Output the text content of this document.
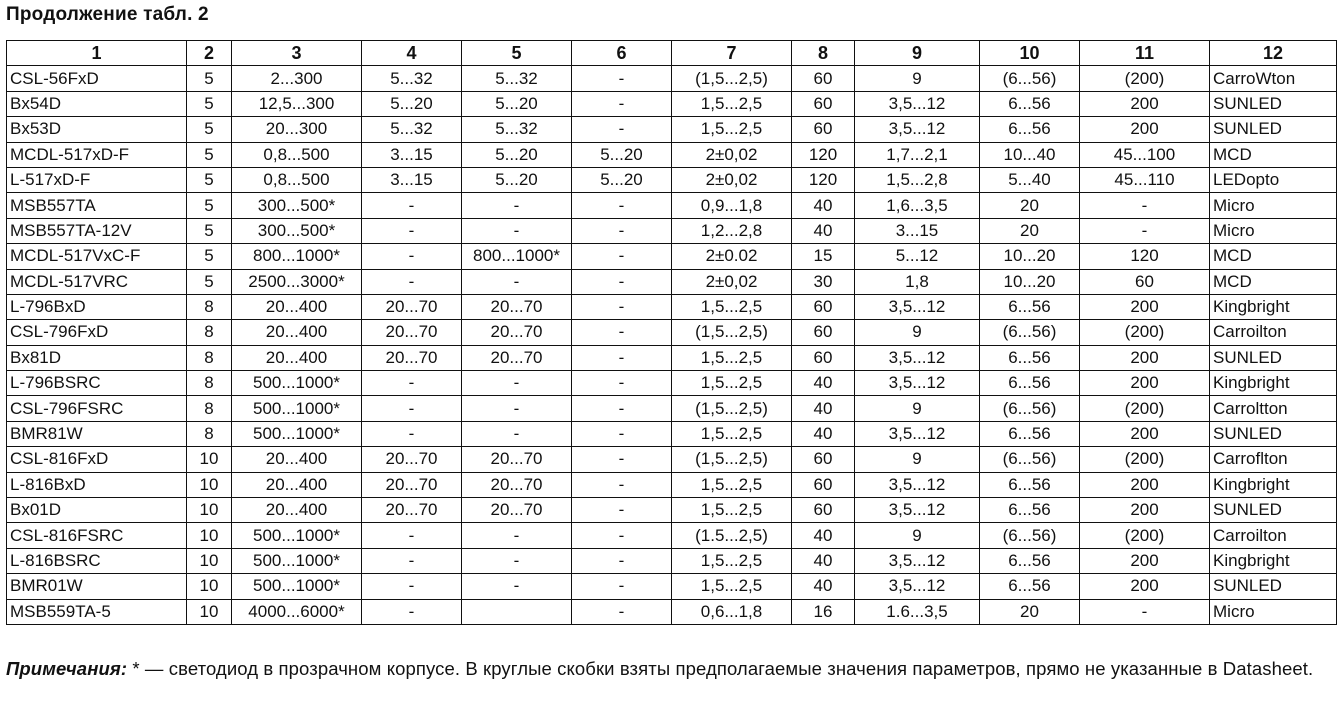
Продолжение табл. 2
1	2	3	4	5	6	7	8	9	10	11	12
CSL-56FxD	5	2...300	5...32	5...32	-	(1,5...2,5)	60	9	(6...56)	(200)	CarroWton
Bx54D	5	12,5...300	5...20	5...20	-	1,5...2,5	60	3,5...12	6...56	200	SUNLED
Bx53D	5	20...300	5...32	5...32	-	1,5...2,5	60	3,5...12	6...56	200	SUNLED
MCDL-517xD-F	5	0,8...500	3...15	5...20	5...20	2±0,02	120	1,7...2,1	10...40	45...100	MCD
L-517xD-F	5	0,8...500	3...15	5...20	5...20	2±0,02	120	1,5...2,8	5...40	45...110	LEDopto
MSB557TA	5	300...500*	-	-	-	0,9...1,8	40	1,6...3,5	20	-	Micro
MSB557TA-12V	5	300...500*	-	-	-	1,2...2,8	40	3...15	20	-	Micro
MCDL-517VxC-F	5	800...1000*	-	800...1000*	-	2±0.02	15	5...12	10...20	120	MCD
MCDL-517VRC	5	2500...3000*	-	-	-	2±0,02	30	1,8	10...20	60	MCD
L-796BxD	8	20...400	20...70	20...70	-	1,5...2,5	60	3,5...12	6...56	200	Kingbright
CSL-796FxD	8	20...400	20...70	20...70	-	(1,5...2,5)	60	9	(6...56)	(200)	Carroilton
Bx81D	8	20...400	20...70	20...70	-	1,5...2,5	60	3,5...12	6...56	200	SUNLED
L-796BSRC	8	500...1000*	-	-	-	1,5...2,5	40	3,5...12	6...56	200	Kingbright
CSL-796FSRC	8	500...1000*	-	-	-	(1,5...2,5)	40	9	(6...56)	(200)	Carroltton
BMR81W	8	500...1000*	-	-	-	1,5...2,5	40	3,5...12	6...56	200	SUNLED
CSL-816FxD	10	20...400	20...70	20...70	-	(1,5...2,5)	60	9	(6...56)	(200)	Carroflton
L-816BxD	10	20...400	20...70	20...70	-	1,5...2,5	60	3,5...12	6...56	200	Kingbright
Bx01D	10	20...400	20...70	20...70	-	1,5...2,5	60	3,5...12	6...56	200	SUNLED
CSL-816FSRC	10	500...1000*	-	-	-	(1.5...2,5)	40	9	(6...56)	(200)	Carroilton
L-816BSRC	10	500...1000*	-	-	-	1,5...2,5	40	3,5...12	6...56	200	Kingbright
BMR01W	10	500...1000*	-	-	-	1,5...2,5	40	3,5...12	6...56	200	SUNLED
MSB559TA-5	10	4000...6000*	-		-	0,6...1,8	16	1.6...3,5	20	-	Micro
Примечания: * — светодиод в прозрачном корпусе. В круглые скобки взяты предполагаемые значения параметров, прямо не указанные в Datasheet.
